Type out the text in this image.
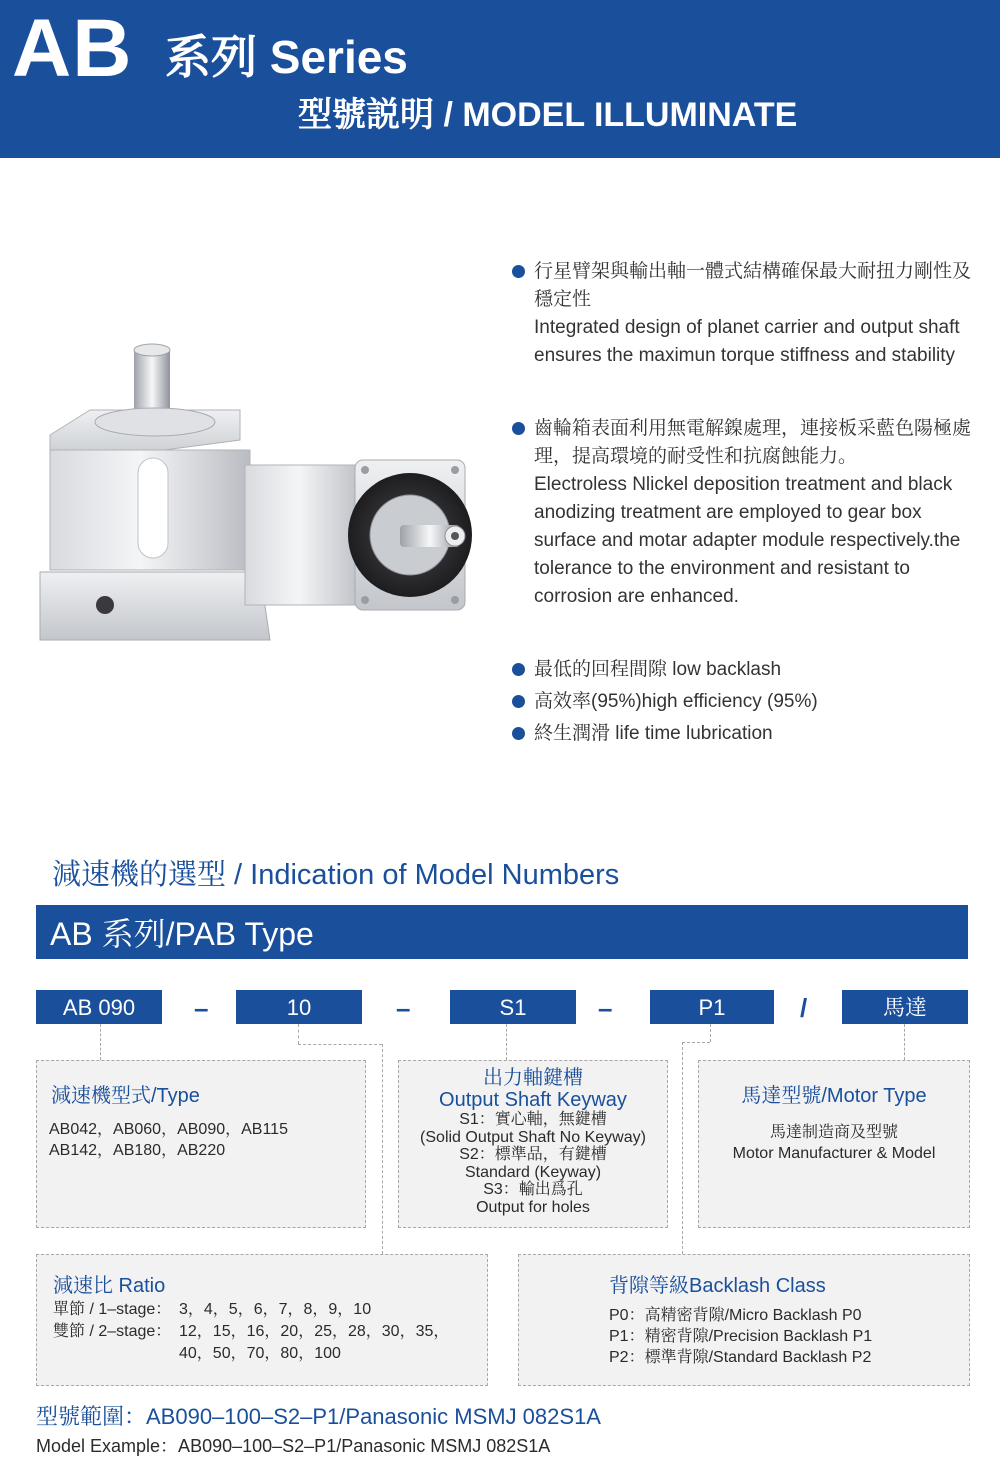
AB 系列 Series
型號説明 / MODEL ILLUMINATE

行星臂架與輸出軸一體式結構確保最大耐扭力剛性及穩定性

Integrated design of planet carrier and output shaft ensures the maximun torque stiffness and stability

齒輪箱表面利用無電解鎳處理，連接板采藍色陽極處理，提高環境的耐受性和抗腐蝕能力。

Electroless Nlickel deposition treatment and black anodizing treatment are employed to gear box surface and motar adapter module respectively.the tolerance to the environment and resistant to corrosion are enhanced.

最低的回程間隙 low backlash

高效率(95%)high efficiency (95%)

終生潤滑 life time lubrication

減速機的選型 / Indication of Model Numbers
AB 系列/PAB Type
AB 090	–	10	–	S1	–	P1	/	馬達
減速機型式/Type
AB042，AB060，AB090，AB115
AB142，AB180，AB220
出力軸鍵槽
Output Shaft Keyway
S1：實心軸，無鍵槽
(Solid Output Shaft No Keyway)
S2：標準品，有鍵槽
Standard (Keyway)
S3：輸出爲孔
Output for holes
馬達型號/Motor Type
馬達制造商及型號
Motor Manufacturer & Model
減速比 Ratio
單節 / 1–stage： 3，4，5，6，7，8，9，10
雙節 / 2–stage： 12，15，16，20，25，28，30，35，
40，50，70，80，100
背隙等級Backlash Class
P0：高精密背隙/Micro Backlash P0
P1：精密背隙/Precision Backlash P1
P2：標準背隙/Standard Backlash P2
型號範圍：AB090–100–S2–P1/Panasonic MSMJ 082S1A
Model Example：AB090–100–S2–P1/Panasonic MSMJ 082S1A
